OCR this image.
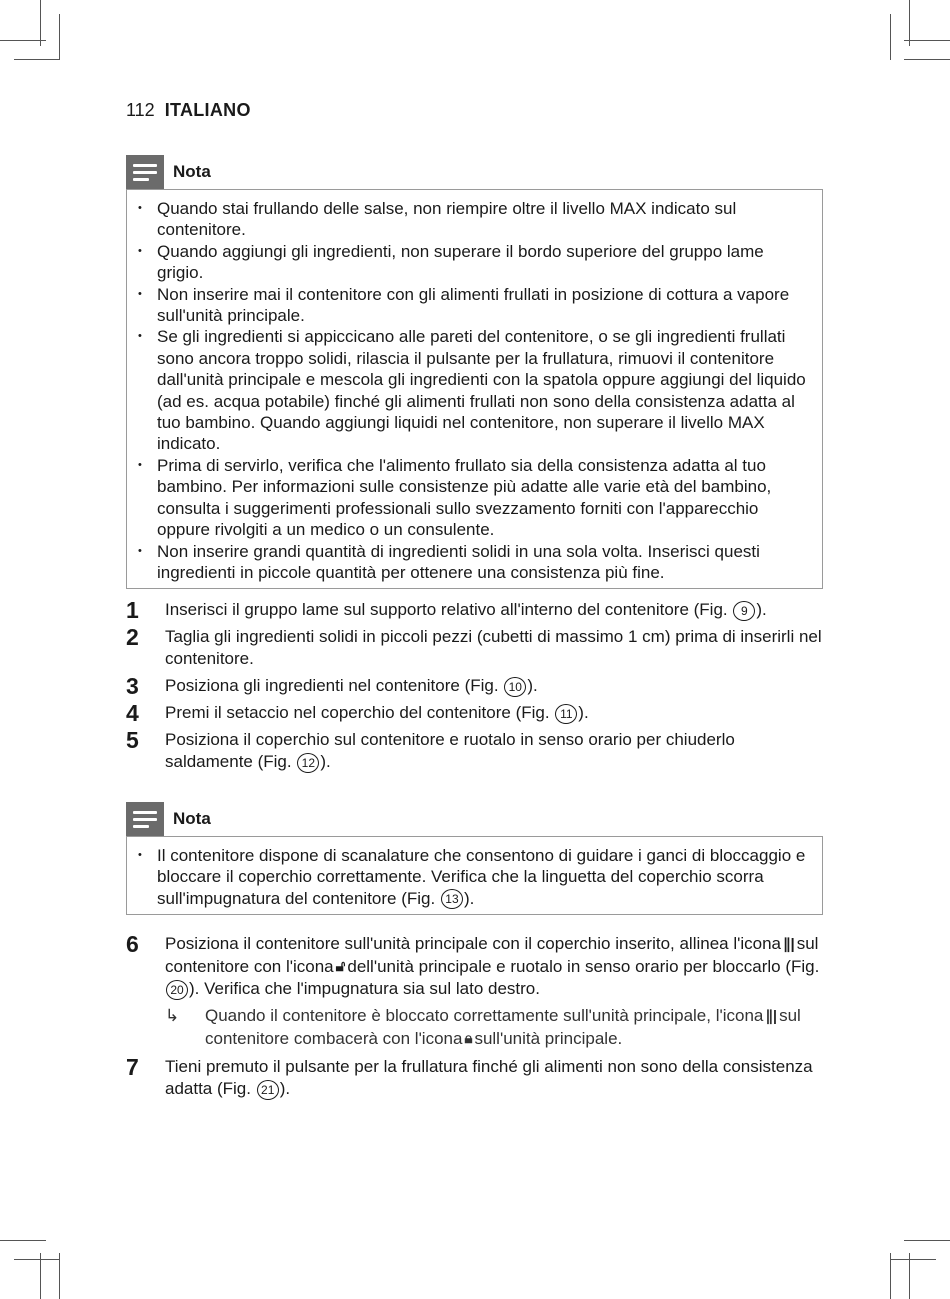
112 ITALIANO
Nota
• Quando stai frullando delle salse, non riempire oltre il livello MAX indicato sul contenitore.
• Quando aggiungi gli ingredienti, non superare il bordo superiore del gruppo lame grigio.
• Non inserire mai il contenitore con gli alimenti frullati in posizione di cottura a vapore sull'unità principale.
• Se gli ingredienti si appiccicano alle pareti del contenitore, o se gli ingredienti frullati sono ancora troppo solidi, rilascia il pulsante per la frullatura, rimuovi il contenitore dall'unità principale e mescola gli ingredienti con la spatola oppure aggiungi del liquido (ad es. acqua potabile) finché gli alimenti frullati non sono della consistenza adatta al tuo bambino. Quando aggiungi liquidi nel contenitore, non superare il livello MAX indicato.
• Prima di servirlo, verifica che l'alimento frullato sia della consistenza adatta al tuo bambino. Per informazioni sulle consistenze più adatte alle varie età del bambino, consulta i suggerimenti professionali sullo svezzamento forniti con l'apparecchio oppure rivolgiti a un medico o un consulente.
• Non inserire grandi quantità di ingredienti solidi in una sola volta. Inserisci questi ingredienti in piccole quantità per ottenere una consistenza più fine.
1	Inserisci il gruppo lame sul supporto relativo all'interno del contenitore (Fig. 9 ).
2	Taglia gli ingredienti solidi in piccoli pezzi (cubetti di massimo 1 cm) prima di inserirli nel contenitore.
3	Posiziona gli ingredienti nel contenitore (Fig. 10 ).
4	Premi il setaccio nel coperchio del contenitore (Fig. 11 ).
5	Posiziona il coperchio sul contenitore e ruotalo in senso orario per chiuderlo saldamente (Fig. 12 ).
Nota
• Il contenitore dispone di scanalature che consentono di guidare i ganci di bloccaggio e bloccare il coperchio correttamente. Verifica che la linguetta del coperchio scorra sull'impugnatura del contenitore (Fig. 13 ).
6	Posiziona il contenitore sull'unità principale con il coperchio inserito, allinea l'icona ∥| sul contenitore con l'icona 🔓︎ dell'unità principale e ruotalo in senso orario per bloccarlo (Fig. 20 ). Verifica che l'impugnatura sia sul lato destro.
↳	Quando il contenitore è bloccato correttamente sull'unità principale, l'icona ∥| sul contenitore combacerà con l'icona 🔒︎ sull'unità principale.
7	Tieni premuto il pulsante per la frullatura finché gli alimenti non sono della consistenza adatta (Fig. 21 ).
